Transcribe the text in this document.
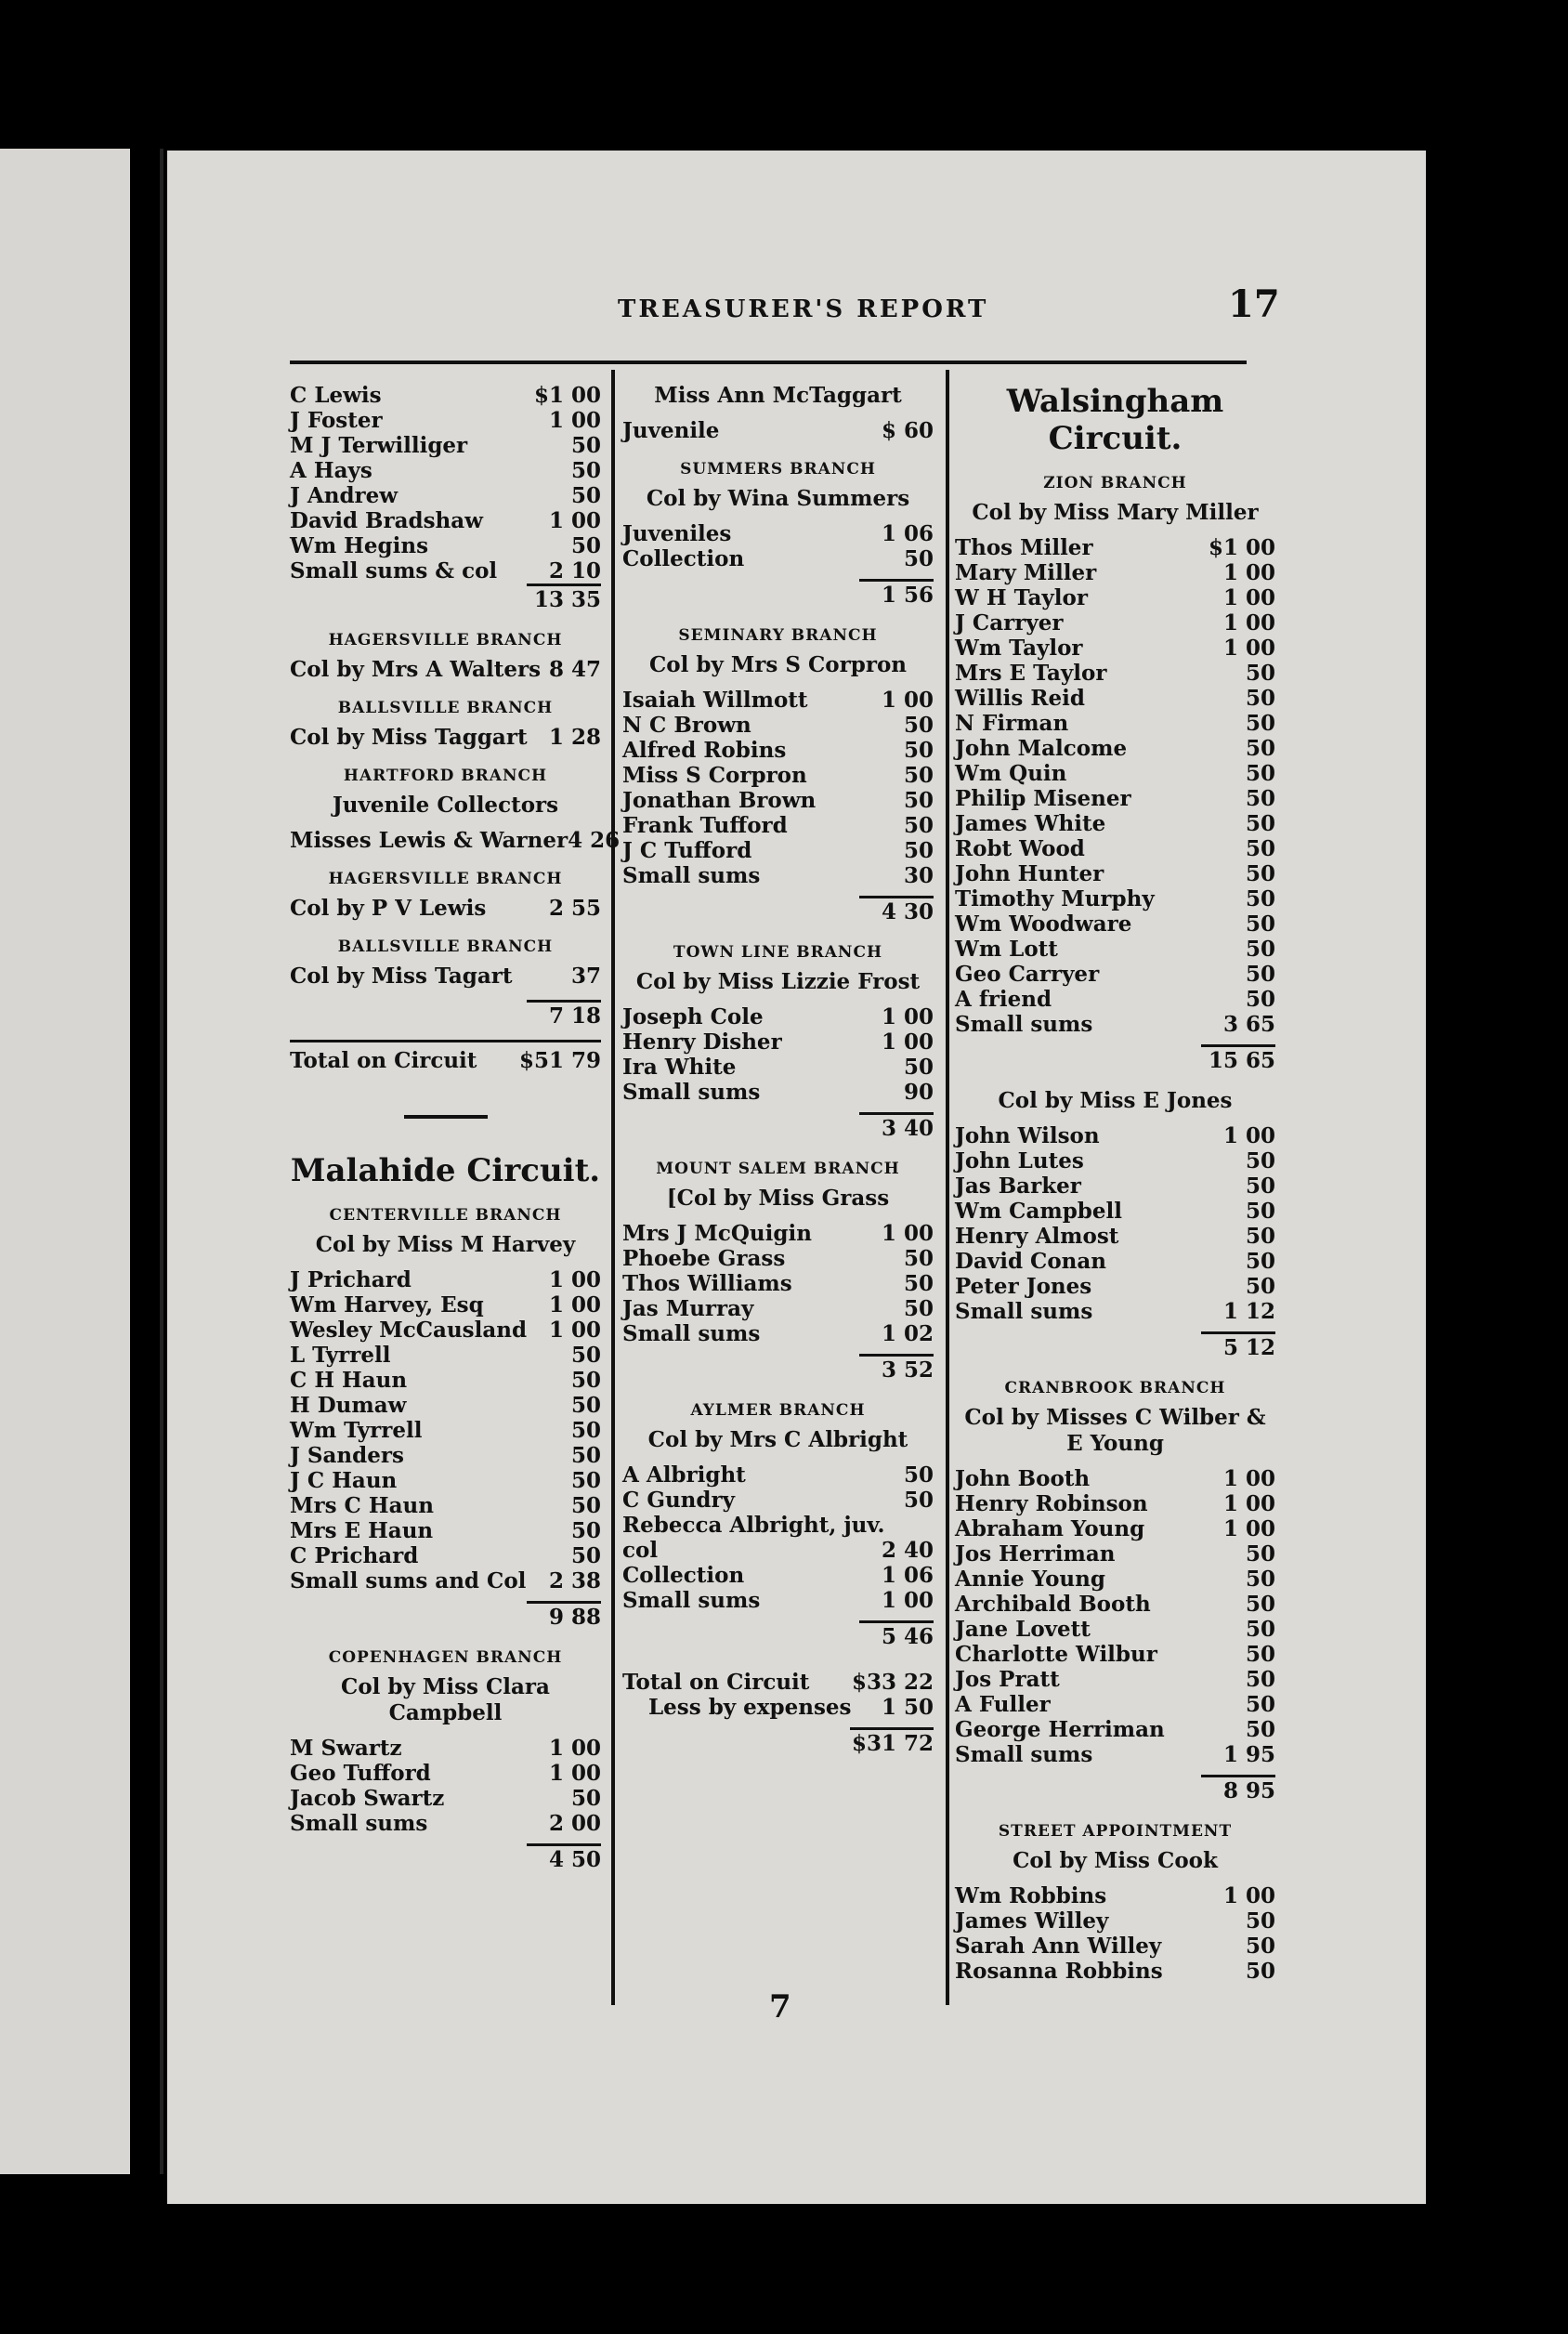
TREASURER'S REPORT	17
C Lewis	$1 00
J Foster	1 00
M J Terwilliger	50
A Hays	50
J Andrew	50
David Bradshaw	1 00
Wm Hegins	50
Small sums & col 2 10
13 35
HAGERSVILLE BRANCH
Col by Mrs A Walters 8 47
BALLSVILLE BRANCH
Col by Miss Taggart 1 28
HARTFORD BRANCH
Juvenile Collectors
Misses Lewis & Warner 4 26
HAGERSVILLE BRANCH
Col by P V Lewis	2 55
BALLSVILLE BRANCH
Col by Miss Tagart	37
7 18
Total on Circuit $51 79
Malahide Circuit.
CENTERVILLE BRANCH
Col by Miss M Harvey
J Prichard	1 00
Wm Harvey, Esq	1 00
Wesley McCausland 1 00
L Tyrrell	50
C H Haun	50
H Dumaw	50
Wm Tyrrell	50
J Sanders	50
J C Haun	50
Mrs C Haun	50
Mrs E Haun	50
C Prichard	50
Small sums and Col 2 38
9 88
COPENHAGEN BRANCH
Col by Miss Clara Campbell
M Swartz	1 00
Geo Tufford	1 00
Jacob Swartz	50
Small sums	2 00
4 50
Miss Ann McTaggart
Juvenile	$ 60
SUMMERS BRANCH
Col by Wina Summers
Juveniles	1 06
Collection	50
1 56
SEMINARY BRANCH
Col by Mrs S Corpron
Isaiah Willmott	1 00
N C Brown	50
Alfred Robins	50
Miss S Corpron	50
Jonathan Brown	50
Frank Tufford	50
J C Tufford	50
Small sums	30
4 30
TOWN LINE BRANCH
Col by Miss Lizzie Frost
Joseph Cole	1 00
Henry Disher	1 00
Ira White	50
Small sums	90
3 40
MOUNT SALEM BRANCH
[Col by Miss Grass
Mrs J McQuigin	1 00
Phoebe Grass	50
Thos Williams	50
Jas Murray	50
Small sums	1 02
3 52
AYLMER BRANCH
Col by Mrs C Albright
A Albright	50
C Gundry	50
Rebecca Albright, juv.
col	2 40
Collection	1 06
Small sums	1 00
5 46
Total on Circuit $33 22
Less by expenses 1 50
$31 72
Walsingham Circuit.
ZION BRANCH
Col by Miss Mary Miller
Thos Miller	$1 00
Mary Miller	1 00
W H Taylor	1 00
J Carryer	1 00
Wm Taylor	1 00
Mrs E Taylor	50
Willis Reid	50
N Firman	50
John Malcome	50
Wm Quin	50
Philip Misener	50
James White	50
Robt Wood	50
John Hunter	50
Timothy Murphy	50
Wm Woodware	50
Wm Lott	50
Geo Carryer	50
A friend	50
Small sums	3 65
15 65
Col by Miss E Jones
John Wilson	1 00
John Lutes	50
Jas Barker	50
Wm Campbell	50
Henry Almost	50
David Conan	50
Peter Jones	50
Small sums	1 12
5 12
CRANBROOK BRANCH
Col by Misses C Wilber & E Young
John Booth	1 00
Henry Robinson	1 00
Abraham Young	1 00
Jos Herriman	50
Annie Young	50
Archibald Booth	50
Jane Lovett	50
Charlotte Wilbur	50
Jos Pratt	50
A Fuller	50
George Herriman	50
Small sums	1 95
8 95
STREET APPOINTMENT
Col by Miss Cook
Wm Robbins	1 00
James Willey	50
Sarah Ann Willey	50
Rosanna Robbins	50
7
